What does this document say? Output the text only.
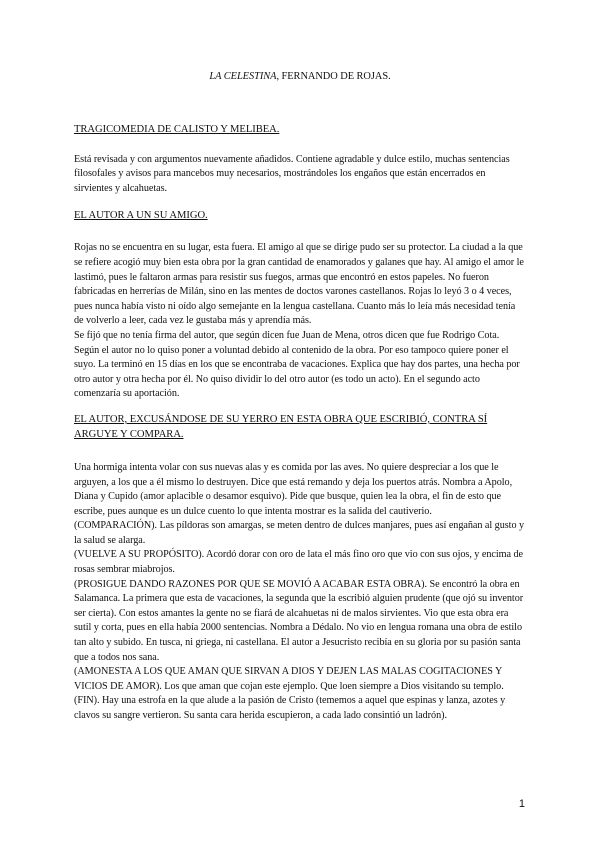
LA CELESTINA, FERNANDO DE ROJAS.
TRAGICOMEDIA DE CALISTO Y MELIBEA.

Está revisada y con argumentos nuevamente añadidos. Contiene agradable y dulce estilo, muchas sentencias filosofales y avisos para mancebos muy necesarios, mostrándoles los engaños que están encerrados en sirvientes y alcahuetas.

EL AUTOR A UN SU AMIGO.

Rojas no se encuentra en su lugar, esta fuera. El amigo al que se dirige pudo ser su protector. La ciudad a la que se refiere acogió muy bien esta obra por la gran cantidad de enamorados y galanes que hay. Al amigo el amor le lastimó, pues le faltaron armas para resistir sus fuegos, armas que encontró en estos papeles. No fueron fabricadas en herrerías de Milán, sino en las mentes de doctos varones castellanos. Rojas lo leyó 3 o 4 veces, pues nunca había visto ni oído algo semejante en la lengua castellana. Cuanto más lo leía más necesidad tenía de volverlo a leer, cada vez le gustaba más y aprendía más.

Se fijó que no tenía firma del autor, que según dicen fue Juan de Mena, otros dicen que fue Rodrigo Cota. Según el autor no lo quiso poner a voluntad debido al contenido de la obra. Por eso tampoco quiere poner el suyo. La terminó en 15 días en los que se encontraba de vacaciones. Explica que hay dos partes, una hecha por otro autor y otra hecha por él. No quiso dividir lo del otro autor (es todo un acto). En el segundo acto comenzaría su aportación.

EL AUTOR, EXCUSÁNDOSE DE SU YERRO EN ESTA OBRA QUE ESCRIBIÓ, CONTRA SÍ ARGUYE Y COMPARA.

Una hormiga intenta volar con sus nuevas alas y es comida por las aves. No quiere despreciar a los que le arguyen, a los que a él mismo lo destruyen. Dice que está remando y deja los puertos atrás. Nombra a Apolo, Diana y Cupido (amor aplacible o desamor esquivo). Pide que busque, quien lea la obra, el fin de esto que escribe, pues aunque es un dulce cuento lo que intenta mostrar es la salida del cautiverio.

(COMPARACIÓN). Las píldoras son amargas, se meten dentro de dulces manjares, pues así engañan al gusto y la salud se alarga.

(VUELVE A SU PROPÓSITO). Acordó dorar con oro de lata el más fino oro que vio con sus ojos, y encima de rosas sembrar miabrojos.

(PROSIGUE DANDO RAZONES POR QUE SE MOVIÓ A ACABAR ESTA OBRA). Se encontró la obra en Salamanca. La primera que esta de vacaciones, la segunda que la escribió alguien prudente (que ojó su inventor ser cierta). Con estos amantes la gente no se fiará de alcahuetas ni de malos sirvientes. Vio que esta obra era sutil y corta, pues en ella había 2000 sentencias. Nombra a Dédalo. No vio en lengua romana una obra de estilo tan alto y subido. En tusca, ni griega, ni castellana. El autor a Jesucristo recibía en su gloria por su pasión santa que a todos nos sana.

(AMONESTA A LOS QUE AMAN QUE SIRVAN A DIOS Y DEJEN LAS MALAS COGITACIONES Y VICIOS DE AMOR). Los que aman que cojan este ejemplo. Que loen siempre a Dios visitando su templo.

(FIN). Hay una estrofa en la que alude a la pasión de Cristo (tememos a aquel que espinas y lanza, azotes y clavos su sangre vertieron. Su santa cara herida escupieron, a cada lado consintió un ladrón).

1
